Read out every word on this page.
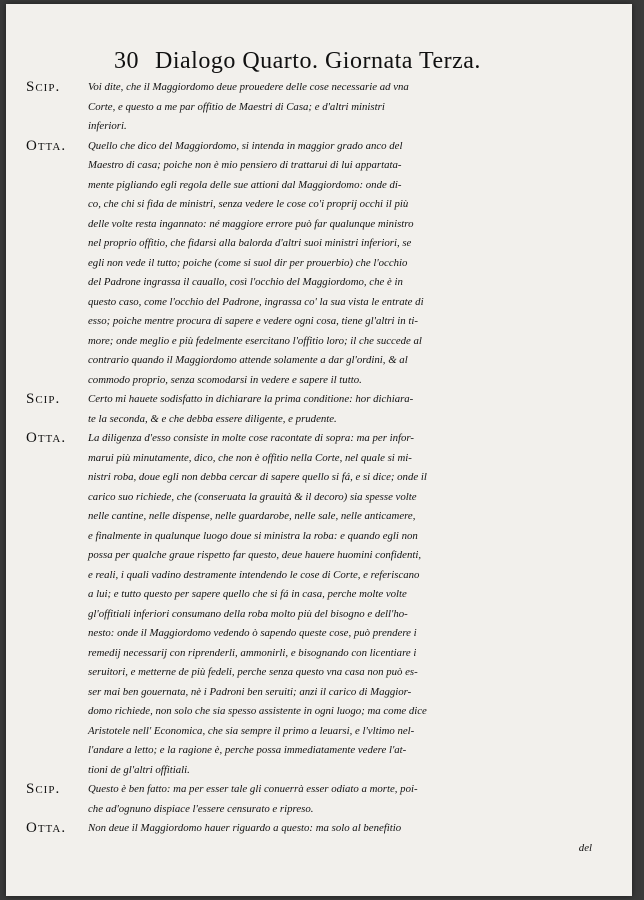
30 Dialogo Quarto. Giornata Terza.
Scip.	Voi dite, che il Maggiordomo deue prouedere delle cose necessarie ad vna
Corte, e questo a me par offitio de Maestri di Casa; e d'altri ministri
inferiori.
Otta.	Quello che dico del Maggiordomo, si intenda in maggior grado anco del
Maestro di casa; poiche non è mio pensiero di trattarui di lui appartata-
mente pigliando egli regola delle sue attioni dal Maggiordomo: onde di-
co, che chi si fida de ministri, senza vedere le cose co'i proprij occhi il più
delle volte resta ingannato: né maggiore errore può far qualunque ministro
nel proprio offitio, che fidarsi alla balorda d'altri suoi ministri inferiori, se
egli non vede il tutto; poiche (come si suol dir per prouerbio) che l'occhio
del Padrone ingrassa il cauallo, così l'occhio del Maggiordomo, che è in
questo caso, come l'occhio del Padrone, ingrassa co' la sua vista le entrate di
esso; poiche mentre procura di sapere e vedere ogni cosa, tiene gl'altri in ti-
more; onde meglio e più fedelmente esercitano l'offitio loro; il che succede al
contrario quando il Maggiordomo attende solamente a dar gl'ordini, & al
commodo proprio, senza scomodarsi in vedere e sapere il tutto.
Scip.	Certo mi hauete sodisfatto in dichiarare la prima conditione: hor dichiara-
te la seconda, & e che debba essere diligente, e prudente.
Otta.	La diligenza d'esso consiste in molte cose racontate di sopra: ma per infor-
marui più minutamente, dico, che non è offitio nella Corte, nel quale si mi-
nistri roba, doue egli non debba cercar di sapere quello si fá, e si dice; onde il
carico suo richiede, che (conseruata la grauità & il decoro) sia spesse volte
nelle cantine, nelle dispense, nelle guardarobe, nelle sale, nelle anticamere,
e finalmente in qualunque luogo doue si ministra la roba: e quando egli non
possa per qualche graue rispetto far questo, deue hauere huomini confidenti,
e reali, i quali vadino destramente intendendo le cose di Corte, e referiscano
a lui; e tutto questo per sapere quello che si fá in casa, perche molte volte
gl'offitiali inferiori consumano della roba molto più del bisogno e dell'ho-
nesto: onde il Maggiordomo vedendo ò sapendo queste cose, può prendere i
remedij necessarij con riprenderli, ammonirli, e bisognando con licentiare i
seruitori, e metterne de più fedeli, perche senza questo vna casa non può es-
ser mai ben gouernata, nè i Padroni ben seruiti; anzi il carico di Maggior-
domo richiede, non solo che sia spesso assistente in ogni luogo; ma come dice
Aristotele nell' Economica, che sia sempre il primo a leuarsi, e l'vltimo nel-
l'andare a letto; e la ragione è, perche possa immediatamente vedere l'at-
tioni de gl'altri offitiali.
Scip.	Questo è ben fatto: ma per esser tale gli conuerrà esser odiato a morte, poi-
che ad'ognuno dispiace l'essere censurato e ripreso.
Otta.	Non deue il Maggiordomo hauer riguardo a questo: ma solo al benefitio
del
